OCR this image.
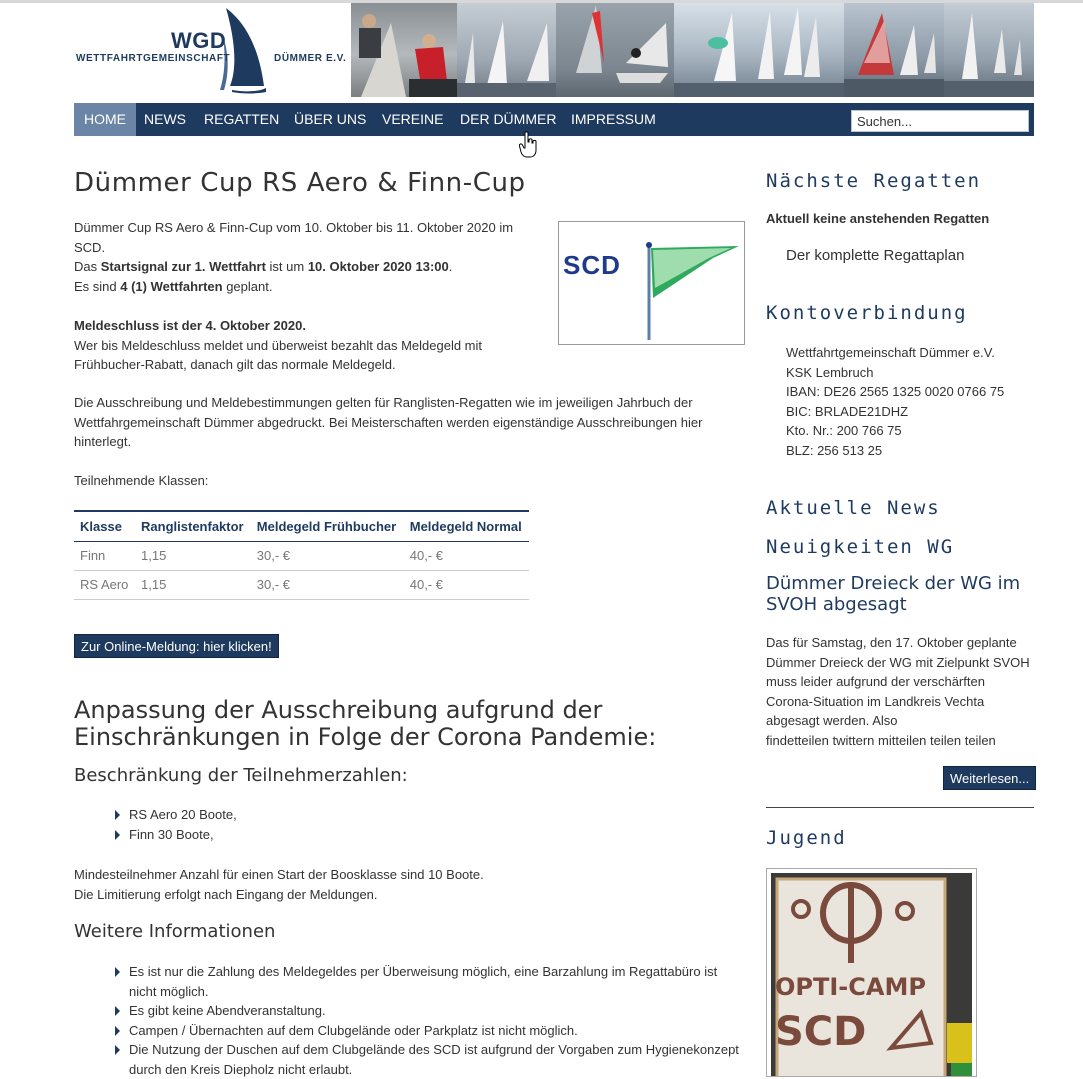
WGD
WETTFAHRTGEMEINSCHAFT	DÜMMER E.V.
HOME	NEWS REGATTEN ÜBER UNS VEREINE DER DÜMMER IMPRESSUM
Suchen...
Dümmer Cup RS Aero & Finn-Cup
Dümmer Cup RS Aero & Finn-Cup vom 10. Oktober bis 11. Oktober 2020 im
SCD.
Das Startsignal zur 1. Wettfahrt ist um 10. Oktober 2020 13:00.
Es sind 4 (1) Wettfahrten geplant.
Meldeschluss ist der 4. Oktober 2020.
Wer bis Meldeschluss meldet und überweist bezahlt das Meldegeld mit
Frühbucher-Rabatt, danach gilt das normale Meldegeld.
Die Ausschreibung und Meldebestimmungen gelten für Ranglisten-Regatten wie im jeweiligen Jahrbuch der
Wettfahrgemeinschaft Dümmer abgedruckt. Bei Meisterschaften werden eigenständige Ausschreibungen hier
hinterlegt.
Teilnehmende Klassen:
SCD
Klasse	Ranglistenfaktor	Meldegeld Frühbucher	Meldegeld Normal
Finn	1,15	30,- €	40,- €
RS Aero	1,15	30,- €	40,- €
Zur Online-Meldung: hier klicken!
Anpassung der Ausschreibung aufgrund der
Einschränkungen in Folge der Corona Pandemie:
Beschränkung der Teilnehmerzahlen:
RS Aero 20 Boote,
Finn 30 Boote,
Mindesteilnehmer Anzahl für einen Start der Boosklasse sind 10 Boote.
Die Limitierung erfolgt nach Eingang der Meldungen.
Weitere Informationen
Es ist nur die Zahlung des Meldegeldes per Überweisung möglich, eine Barzahlung im Regattabüro ist
nicht möglich.
Es gibt keine Abendveranstaltung.
Campen / Übernachten auf dem Clubgelände oder Parkplatz ist nicht möglich.
Die Nutzung der Duschen auf dem Clubgelände des SCD ist aufgrund der Vorgaben zum Hygienekonzept
durch den Kreis Diepholz nicht erlaubt.
Nächste Regatten
Aktuell keine anstehenden Regatten
Der komplette Regattaplan
Kontoverbindung
Wettfahrtgemeinschaft Dümmer e.V.
KSK Lembruch
IBAN: DE26 2565 1325 0020 0766 75
BIC: BRLADE21DHZ
Kto. Nr.: 200 766 75
BLZ: 256 513 25
Aktuelle News
Neuigkeiten WG
Dümmer Dreieck der WG im SVOH abgesagt
Das für Samstag, den 17. Oktober geplante
Dümmer Dreieck der WG mit Zielpunkt SVOH
muss leider aufgrund der verschärften
Corona-Situation im Landkreis Vechta
abgesagt werden. Also
findetteilen twittern mitteilen teilen teilen
Weiterlesen...
Jugend
OPTI-CAMP
SCD
